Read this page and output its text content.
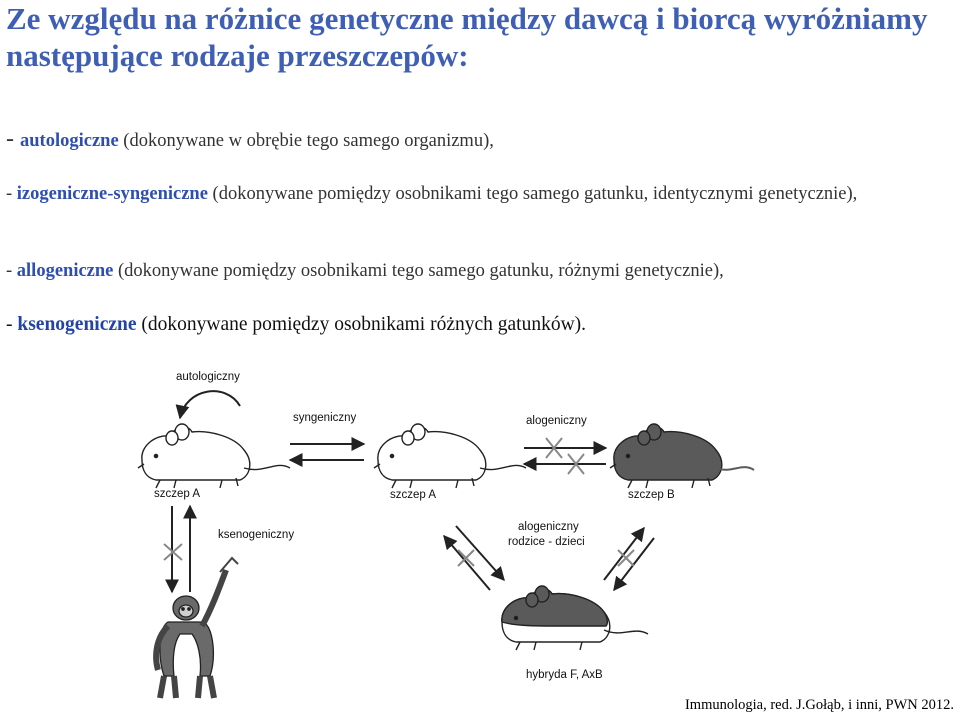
Ze względu na różnice genetyczne między dawcą i biorcą wyróżniamy następujące rodzaje przeszczepów:

- autologiczne (dokonywane w obrębie tego samego organizmu),

- izogeniczne-syngeniczne (dokonywane pomiędzy osobnikami tego samego gatunku, identycznymi genetycznie),

- allogeniczne (dokonywane pomiędzy osobnikami tego samego gatunku, różnymi genetycznie),

- ksenogeniczne (dokonywane pomiędzy osobnikami różnych gatunków).

autologiczny
syngeniczny	alogeniczny
szczep A	szczep A	szczep B
ksenogeniczny
alogeniczny
rodzice - dzieci
hybryda F, AxB

Immunologia, red. J.Gołąb, i inni, PWN 2012.
